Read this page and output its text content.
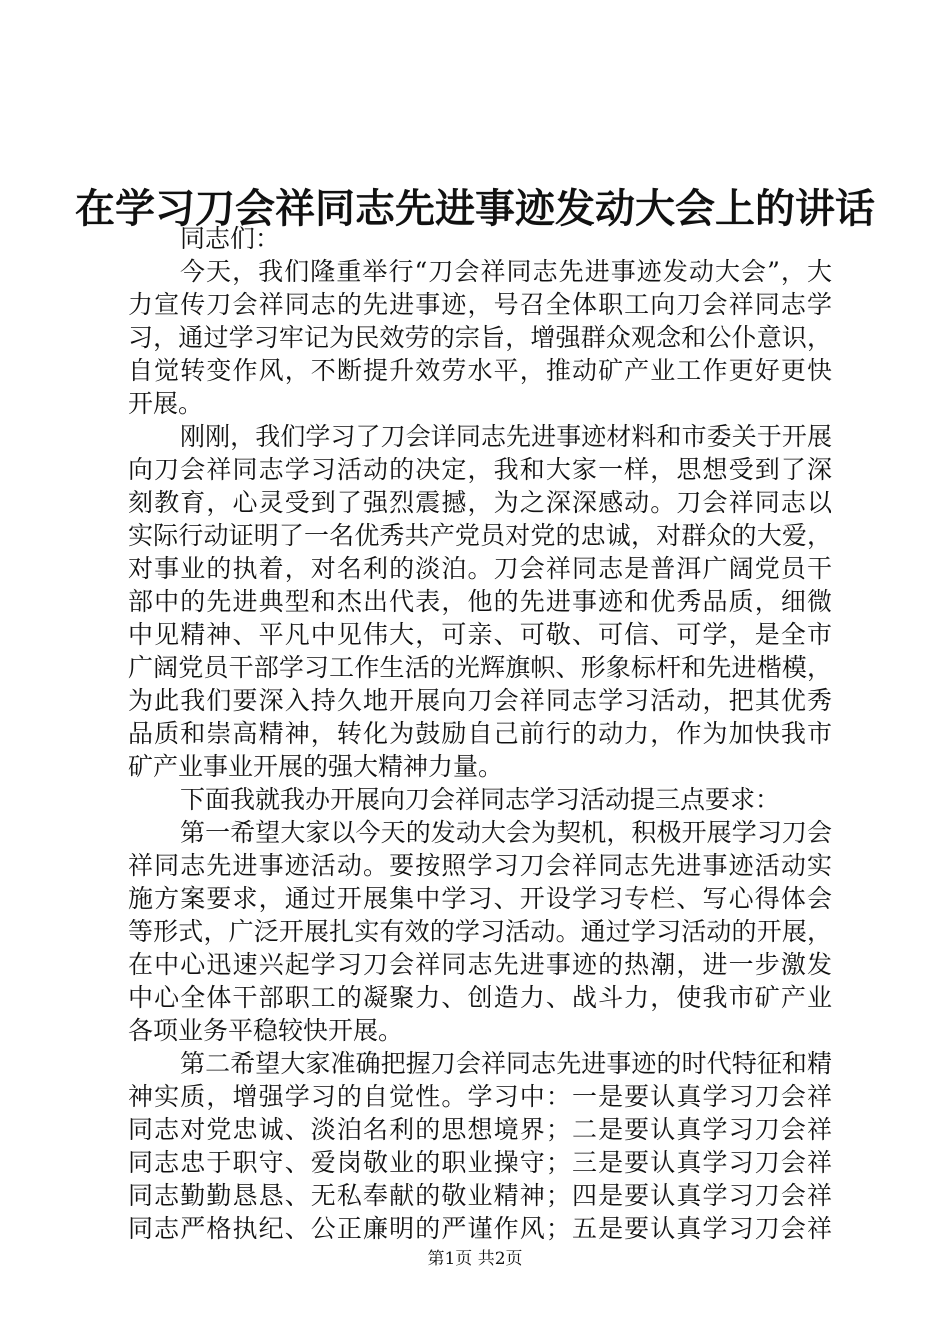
在学习刀会祥同志先进事迹发动大会上的讲话
同志们：
今天，我们隆重举行“刀会祥同志先进事迹发动大会”，大
力宣传刀会祥同志的先进事迹，号召全体职工向刀会祥同志学
习，通过学习牢记为民效劳的宗旨，增强群众观念和公仆意识，
自觉转变作风，不断提升效劳水平，推动矿产业工作更好更快
开展。
刚刚，我们学习了刀会详同志先进事迹材料和市委关于开展
向刀会祥同志学习活动的决定，我和大家一样，思想受到了深
刻教育，心灵受到了强烈震撼，为之深深感动。刀会祥同志以
实际行动证明了一名优秀共产党员对党的忠诚，对群众的大爱，
对事业的执着，对名利的淡泊。刀会祥同志是普洱广阔党员干
部中的先进典型和杰出代表，他的先进事迹和优秀品质，细微
中见精神、平凡中见伟大，可亲、可敬、可信、可学，是全市
广阔党员干部学习工作生活的光辉旗帜、形象标杆和先进楷模，
为此我们要深入持久地开展向刀会祥同志学习活动，把其优秀
品质和崇高精神，转化为鼓励自己前行的动力，作为加快我市
矿产业事业开展的强大精神力量。
下面我就我办开展向刀会祥同志学习活动提三点要求：
第一希望大家以今天的发动大会为契机，积极开展学习刀会
祥同志先进事迹活动。要按照学习刀会祥同志先进事迹活动实
施方案要求，通过开展集中学习、开设学习专栏、写心得体会
等形式，广泛开展扎实有效的学习活动。通过学习活动的开展，
在中心迅速兴起学习刀会祥同志先进事迹的热潮，进一步激发
中心全体干部职工的凝聚力、创造力、战斗力，使我市矿产业
各项业务平稳较快开展。
第二希望大家准确把握刀会祥同志先进事迹的时代特征和精
神实质，增强学习的自觉性。学习中：一是要认真学习刀会祥
同志对党忠诚、淡泊名利的思想境界；二是要认真学习刀会祥
同志忠于职守、爱岗敬业的职业操守；三是要认真学习刀会祥
同志勤勤恳恳、无私奉献的敬业精神；四是要认真学习刀会祥
同志严格执纪、公正廉明的严谨作风；五是要认真学习刀会祥
第1页 共2页
